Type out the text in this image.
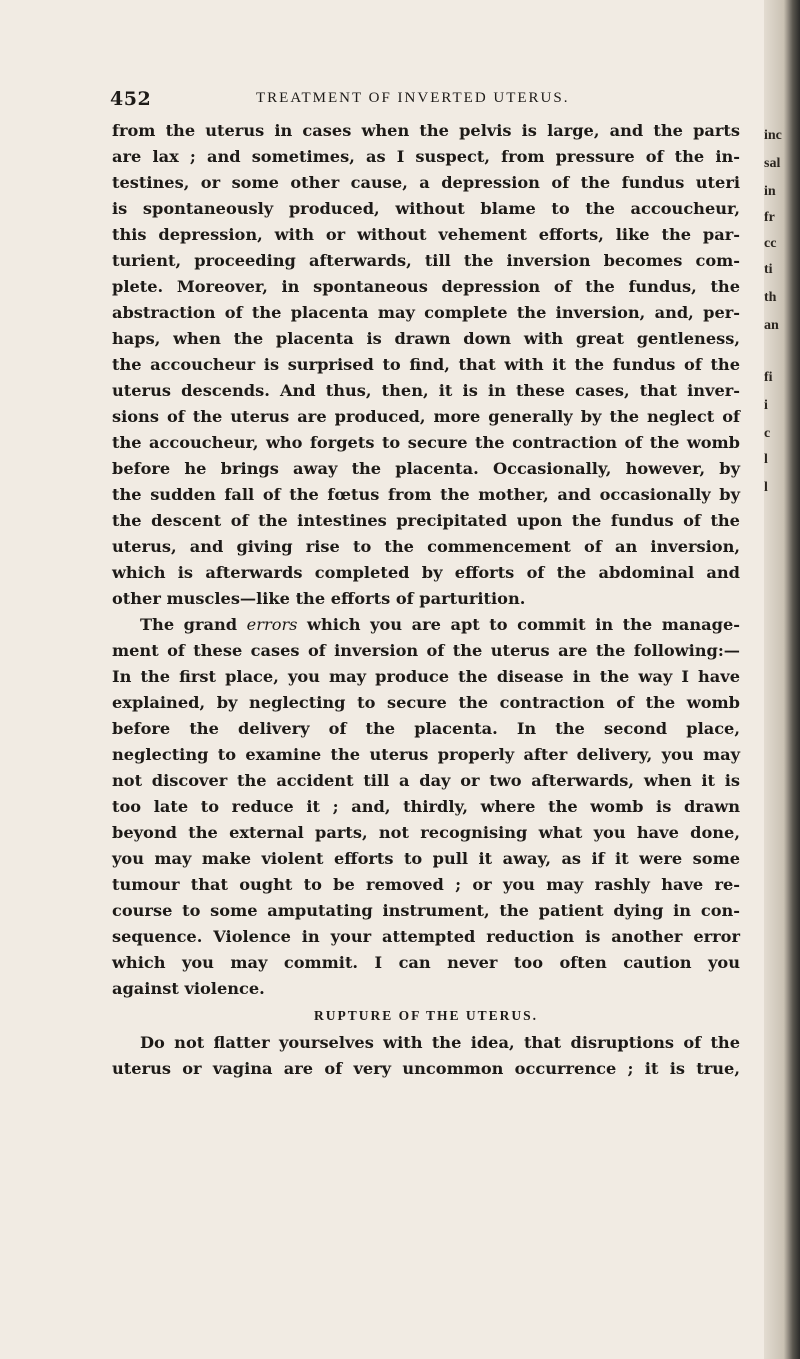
452	TREATMENT OF INVERTED UTERUS.
from the uterus in cases when the pelvis is large, and the parts
are lax ; and sometimes, as I suspect, from pressure of the in-
testines, or some other cause, a depression of the fundus uteri
is spontaneously produced, without blame to the accoucheur,
this depression, with or without vehement efforts, like the par-
turient, proceeding afterwards, till the inversion becomes com-
plete. Moreover, in spontaneous depression of the fundus, the
abstraction of the placenta may complete the inversion, and, per-
haps, when the placenta is drawn down with great gentleness,
the accoucheur is surprised to find, that with it the fundus of the
uterus descends. And thus, then, it is in these cases, that inver-
sions of the uterus are produced, more generally by the neglect of
the accoucheur, who forgets to secure the contraction of the womb
before he brings away the placenta. Occasionally, however, by
the sudden fall of the fœtus from the mother, and occasionally by
the descent of the intestines precipitated upon the fundus of the
uterus, and giving rise to the commencement of an inversion,
which is afterwards completed by efforts of the abdominal and
other muscles—like the efforts of parturition.
The grand errors which you are apt to commit in the manage-
ment of these cases of inversion of the uterus are the following:—
In the first place, you may produce the disease in the way I have
explained, by neglecting to secure the contraction of the womb
before the delivery of the placenta. In the second place,
neglecting to examine the uterus properly after delivery, you may
not discover the accident till a day or two afterwards, when it is
too late to reduce it ; and, thirdly, where the womb is drawn
beyond the external parts, not recognising what you have done,
you may make violent efforts to pull it away, as if it were some
tumour that ought to be removed ; or you may rashly have re-
course to some amputating instrument, the patient dying in con-
sequence. Violence in your attempted reduction is another error
which you may commit. I can never too often caution you
against violence.
RUPTURE OF THE UTERUS.
Do not flatter yourselves with the idea, that disruptions of the
uterus or vagina are of very uncommon occurrence ; it is true,
inc
sal
in
fr
cc
ti
th
an
fi
i
c
l
l
